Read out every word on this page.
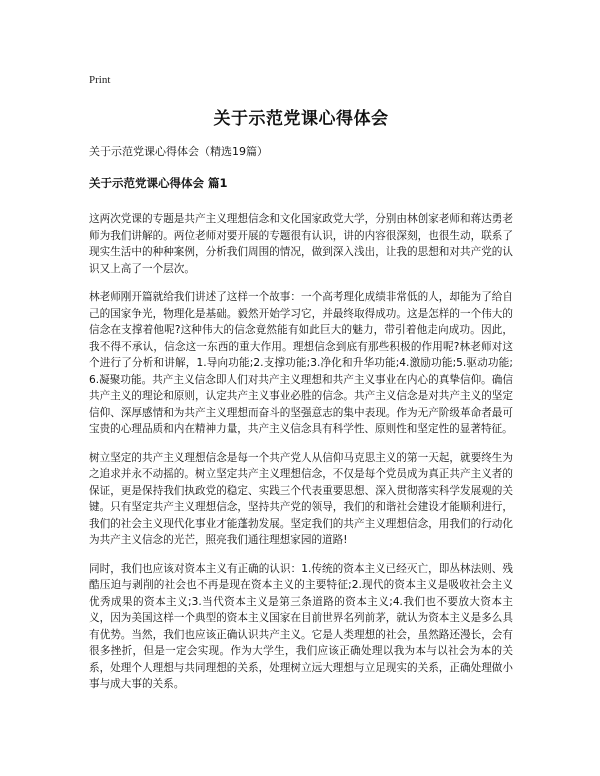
Print
关于示范党课心得体会

关于示范党课心得体会（精选19篇）

关于示范党课心得体会 篇1

这两次党课的专题是共产主义理想信念和文化国家政党大学，分别由林创家老师和蒋达勇老师为我们讲解的。两位老师对要开展的专题很有认识，讲的内容很深刻，也很生动，联系了现实生活中的种种案例，分析我们周围的情况，做到深入浅出，让我的思想和对共产党的认识又上高了一个层次。

林老师刚开篇就给我们讲述了这样一个故事：一个高考理化成绩非常低的人，却能为了给自己的国家争光，物理化是基础。毅然开始学习它，并最终取得成功。这是怎样的一个伟大的信念在支撑着他呢?这种伟大的信念竟然能有如此巨大的魅力，带引着他走向成功。因此，我不得不承认，信念这一东西的重大作用。理想信念到底有那些积极的作用呢?林老师对这个进行了分析和讲解，1.导向功能;2.支撑功能;3.净化和升华功能;4.激励功能;5.驱动功能;6.凝聚功能。共产主义信念即人们对共产主义理想和共产主义事业在内心的真挚信仰。确信共产主义的理论和原则，认定共产主义事业必胜的信念。共产主义信念是对共产主义的坚定信仰、深厚感情和为共产主义理想而奋斗的坚强意志的集中表现。作为无产阶级革命者最可宝贵的心理品质和内在精神力量，共产主义信念具有科学性、原则性和坚定性的显著特征。

树立坚定的共产主义理想信念是每一个共产党人从信仰马克思主义的第一天起，就要终生为之追求并永不动摇的。树立坚定共产主义理想信念，不仅是每个党员成为真正共产主义者的保证，更是保持我们执政党的稳定、实践三个代表重要思想、深入贯彻落实科学发展观的关键。只有坚定共产主义理想信念，坚持共产党的领导，我们的和谐社会建设才能顺利进行，我们的社会主义现代化事业才能蓬勃发展。坚定我们的共产主义理想信念，用我们的行动化为共产主义信念的光芒，照亮我们通往理想家园的道路!

同时，我们也应该对资本主义有正确的认识：1.传统的资本主义已经灭亡，即丛林法则、残酷压迫与剥削的社会也不再是现在资本主义的主要特征;2.现代的资本主义是吸收社会主义优秀成果的资本主义;3.当代资本主义是第三条道路的资本主义;4.我们也不要放大资本主义，因为美国这样一个典型的资本主义国家在目前世界名列前茅，就认为资本主义是多么具有优势。当然，我们也应该正确认识共产主义。它是人类理想的社会，虽然路还漫长，会有很多挫折，但是一定会实现。作为大学生，我们应该正确处理以我为本与以社会为本的关系，处理个人理想与共同理想的关系，处理树立远大理想与立足现实的关系，正确处理做小事与成大事的关系。
